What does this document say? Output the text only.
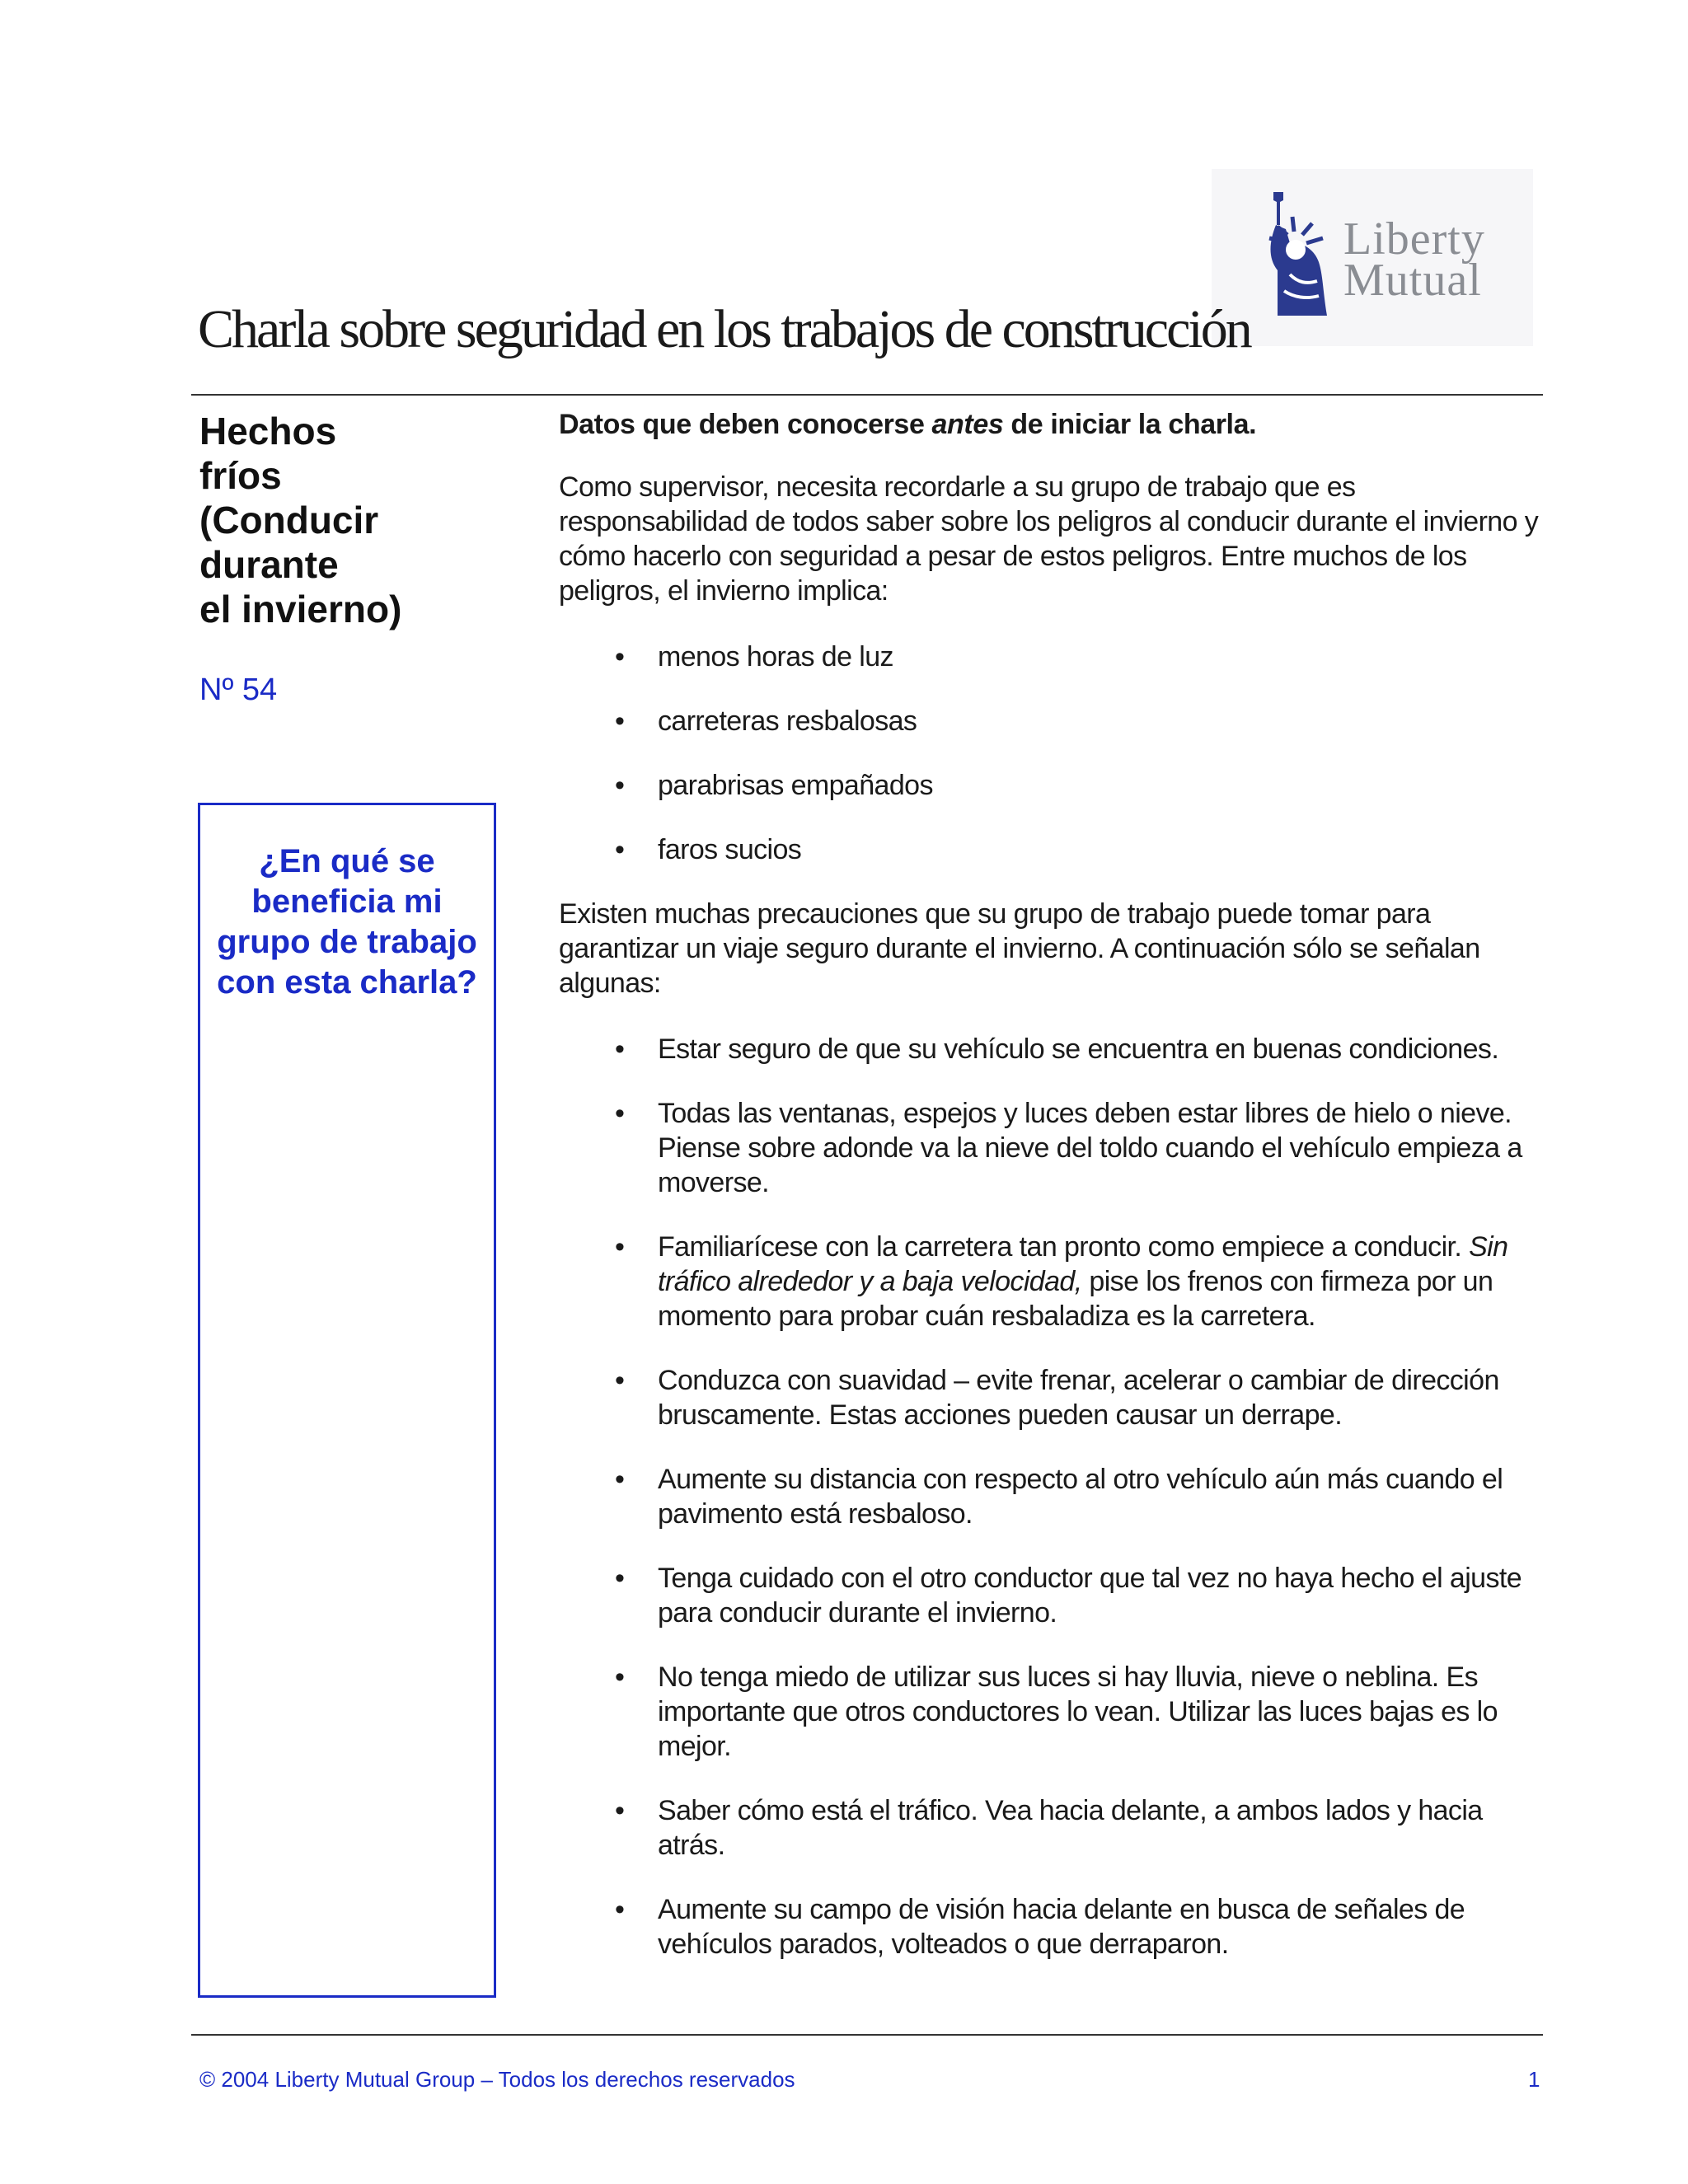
Liberty
Mutual
Charla sobre seguridad en los trabajos de construcción
Hechos
fríos
(Conducir
durante
el invierno)
Nº 54
¿En qué se
beneficia mi
grupo de trabajo
con esta charla?

Datos que deben conocerse antes de iniciar la charla.

Como supervisor, necesita recordarle a su grupo de trabajo que es responsabilidad de todos saber sobre los peligros al conducir durante el invierno y cómo hacerlo con seguridad a pesar de estos peligros. Entre muchos de los peligros, el invierno implica:

• menos horas de luz
• carreteras resbalosas
• parabrisas empañados
• faros sucios

Existen muchas precauciones que su grupo de trabajo puede tomar para garantizar un viaje seguro durante el invierno. A continuación sólo se señalan algunas:

• Estar seguro de que su vehículo se encuentra en buenas condiciones.
• Todas las ventanas, espejos y luces deben estar libres de hielo o nieve. Piense sobre adonde va la nieve del toldo cuando el vehículo empieza a moverse.
• Familiarícese con la carretera tan pronto como empiece a conducir. Sin tráfico alrededor y a baja velocidad, pise los frenos con firmeza por un momento para probar cuán resbaladiza es la carretera.
• Conduzca con suavidad – evite frenar, acelerar o cambiar de dirección bruscamente. Estas acciones pueden causar un derrape.
• Aumente su distancia con respecto al otro vehículo aún más cuando el pavimento está resbaloso.
• Tenga cuidado con el otro conductor que tal vez no haya hecho el ajuste para conducir durante el invierno.
• No tenga miedo de utilizar sus luces si hay lluvia, nieve o neblina. Es importante que otros conductores lo vean. Utilizar las luces bajas es lo mejor.
• Saber cómo está el tráfico. Vea hacia delante, a ambos lados y hacia atrás.
• Aumente su campo de visión hacia delante en busca de señales de vehículos parados, volteados o que derraparon.
© 2004 Liberty Mutual Group – Todos los derechos reservados	1
